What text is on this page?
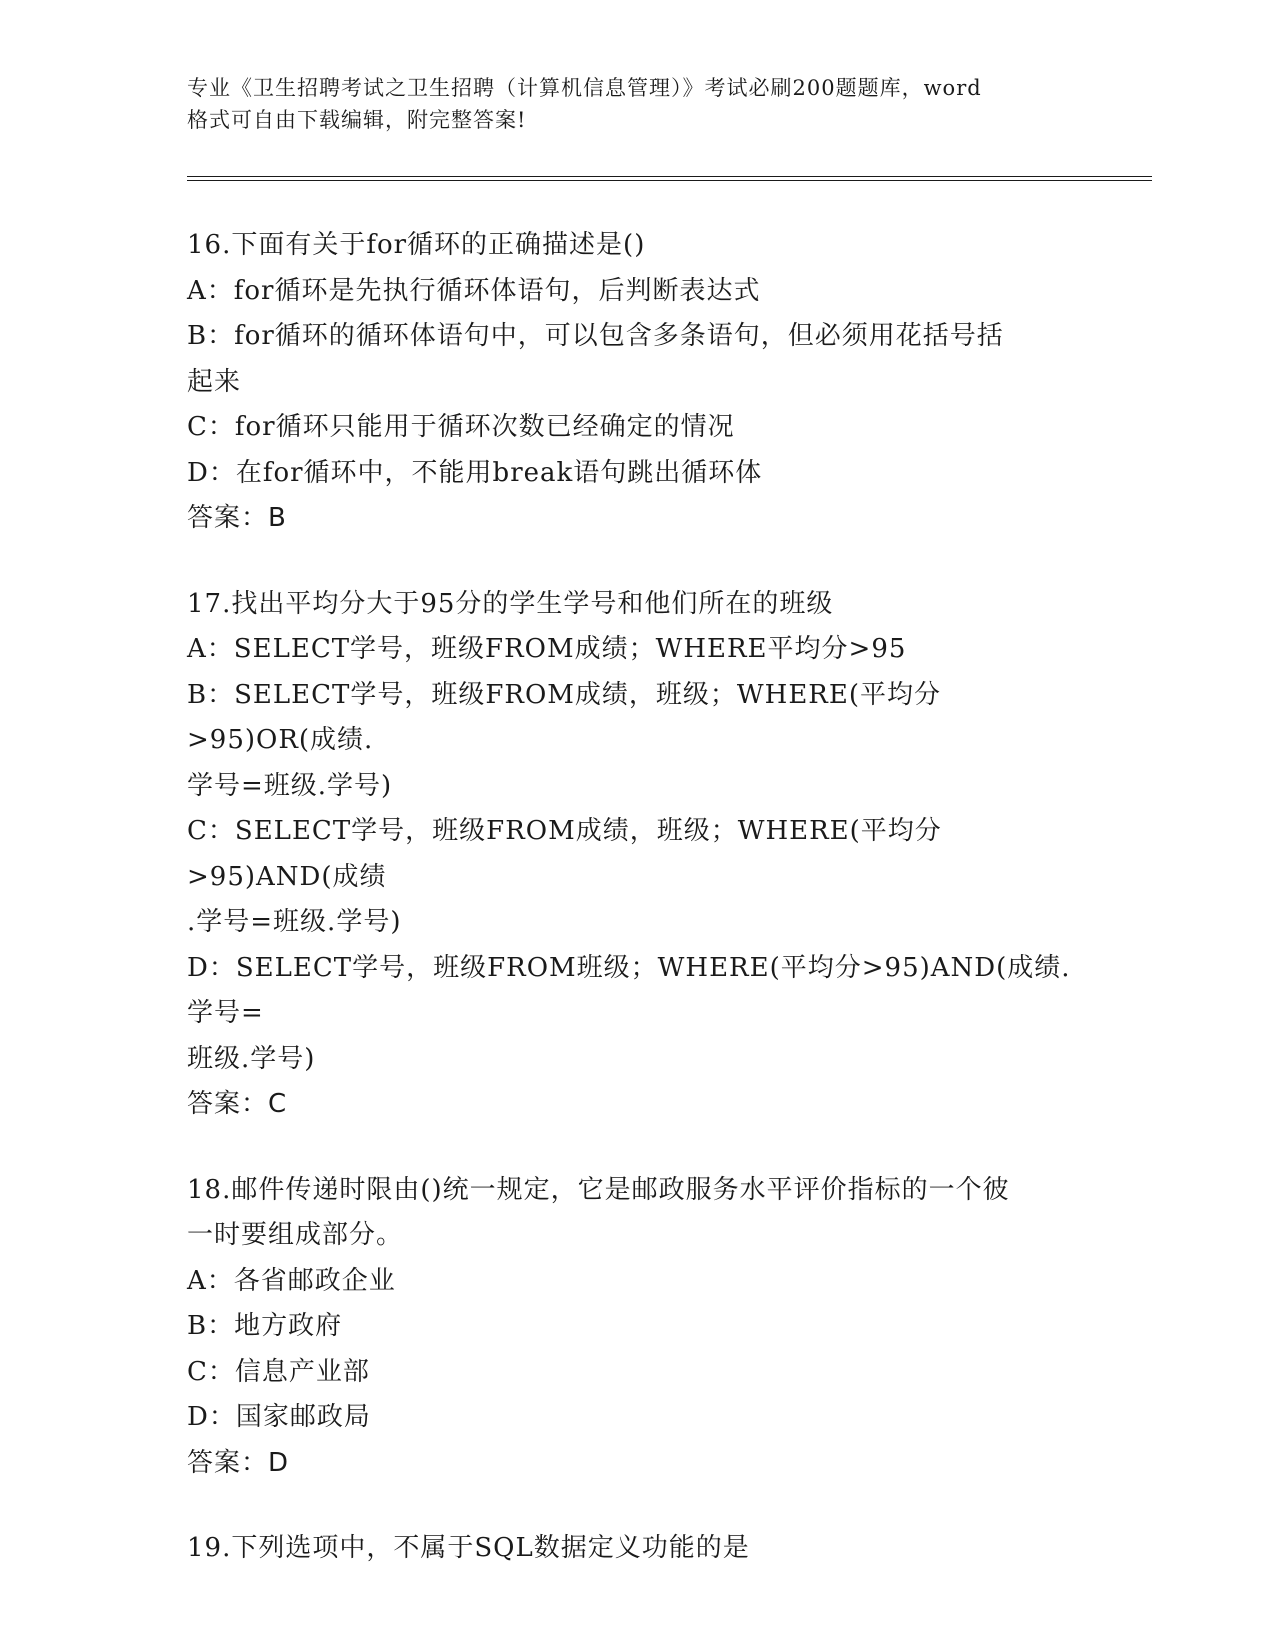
专业《卫生招聘考试之卫生招聘（计算机信息管理）》考试必刷200题题库，word
格式可自由下载编辑，附完整答案!
16.下面有关于for循环的正确描述是()
A：for循环是先执行循环体语句，后判断表达式
B：for循环的循环体语句中，可以包含多条语句，但必须用花括号括
起来
C：for循环只能用于循环次数已经确定的情况
D：在for循环中，不能用break语句跳出循环体
答案：B
17.找出平均分大于95分的学生学号和他们所在的班级
A：SELECT学号，班级FROM成绩；WHERE平均分>95
B：SELECT学号，班级FROM成绩，班级；WHERE(平均分>95)OR(成绩.
学号=班级.学号)
C：SELECT学号，班级FROM成绩，班级；WHERE(平均分>95)AND(成绩
.学号=班级.学号)
D：SELECT学号，班级FROM班级；WHERE(平均分>95)AND(成绩.学号=
班级.学号)
答案：C
18.邮件传递时限由()统一规定，它是邮政服务水平评价指标的一个彼
一时要组成部分。
A：各省邮政企业
B：地方政府
C：信息产业部
D：国家邮政局
答案：D
19.下列选项中，不属于SQL数据定义功能的是
